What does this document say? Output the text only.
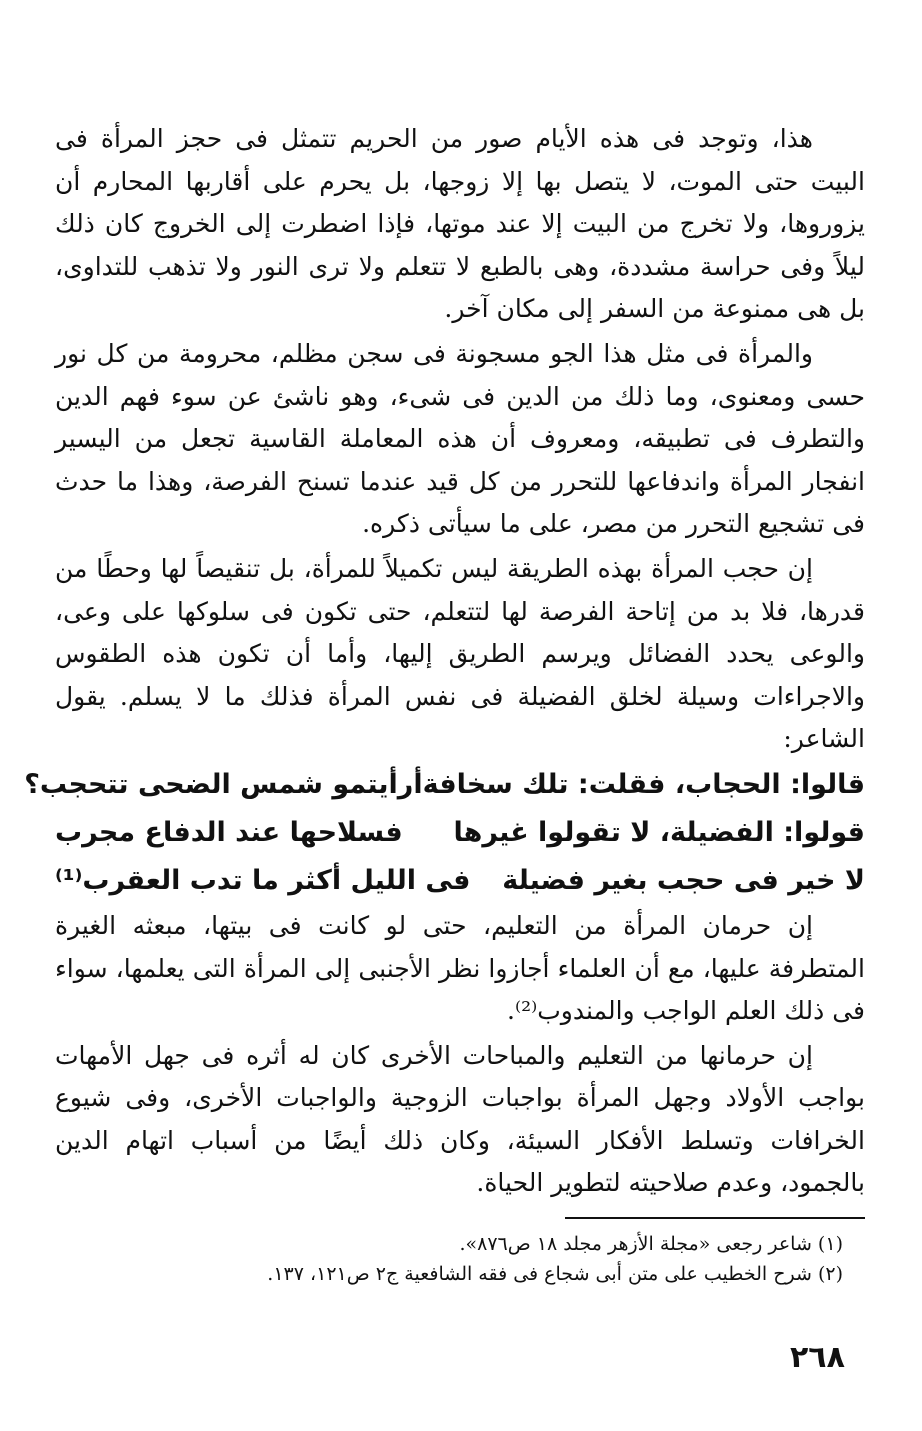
هذا، وتوجد فى هذه الأيام صور من الحريم تتمثل فى حجز المرأة فى البيت حتى الموت، لا يتصل بها إلا زوجها، بل يحرم على أقاربها المحارم أن يزوروها، ولا تخرج من البيت إلا عند موتها، فإذا اضطرت إلى الخروج كان ذلك ليلاً وفى حراسة مشددة، وهى بالطبع لا تتعلم ولا ترى النور ولا تذهب للتداوى، بل هى ممنوعة من السفر إلى مكان آخر.

والمرأة فى مثل هذا الجو مسجونة فى سجن مظلم، محرومة من كل نور حسى ومعنوى، وما ذلك من الدين فى شىء، وهو ناشئ عن سوء فهم الدين والتطرف فى تطبيقه، ومعروف أن هذه المعاملة القاسية تجعل من اليسير انفجار المرأة واندفاعها للتحرر من كل قيد عندما تسنح الفرصة، وهذا ما حدث فى تشجيع التحرر من مصر، على ما سيأتى ذكره.

إن حجب المرأة بهذه الطريقة ليس تكميلاً للمرأة، بل تنقيصاً لها وحطًا من قدرها، فلا بد من إتاحة الفرصة لها لتتعلم، حتى تكون فى سلوكها على وعى، والوعى يحدد الفضائل ويرسم الطريق إليها، وأما أن تكون هذه الطقوس والاجراءات وسيلة لخلق الفضيلة فى نفس المرأة فذلك ما لا يسلم. يقول الشاعر:

قالوا: الحجاب، فقلت: تلك سخافة
أرأيتمو شمس الضحى تتحجب؟
قولوا: الفضيلة، لا تقولوا غيرها
فسلاحها عند الدفاع مجرب
لا خير فى حجب بغير فضيلة
فى الليل أكثر ما تدب العقرب⁽¹⁾

إن حرمان المرأة من التعليم، حتى لو كانت فى بيتها، مبعثه الغيرة المتطرفة عليها، مع أن العلماء أجازوا نظر الأجنبى إلى المرأة التى يعلمها، سواء فى ذلك العلم الواجب والمندوب⁽²⁾.

إن حرمانها من التعليم والمباحات الأخرى كان له أثره فى جهل الأمهات بواجب الأولاد وجهل المرأة بواجبات الزوجية والواجبات الأخرى، وفى شيوع الخرافات وتسلط الأفكار السيئة، وكان ذلك أيضًا من أسباب اتهام الدين بالجمود، وعدم صلاحيته لتطوير الحياة.

(١) شاعر رجعى «مجلة الأزهر مجلد ١٨ ص٨٧٦».

(٢) شرح الخطيب على متن أبى شجاع فى فقه الشافعية ج٢ ص١٢١، ١٣٧.

٢٦٨
